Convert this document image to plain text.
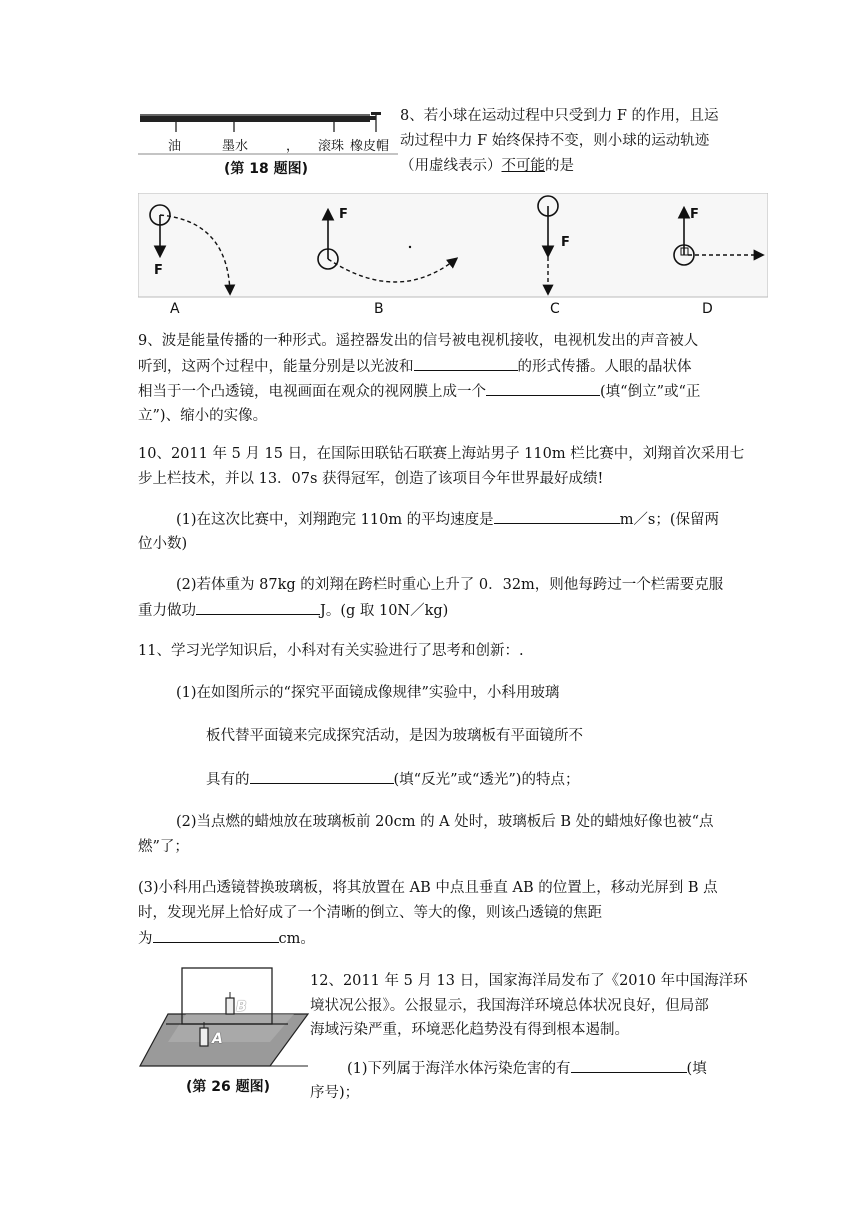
油	墨水	， 滚珠 橡皮帽
(第 18 题图)
8、若小球在运动过程中只受到力 F 的作用，且运
动过程中力 F 始终保持不变，则小球的运动轨迹
（用虚线表示）不可能的是
F
F
F
F
A	B	C	D
9、波是能量传播的一种形式。遥控器发出的信号被电视机接收，电视机发出的声音被人
听到，这两个过程中，能量分别是以光波和	的形式传播。人眼的晶状体
相当于一个凸透镜，电视画面在观众的视网膜上成一个	(填“倒立”或“正
立”)、缩小的实像。
10、2011 年 5 月 15 日，在国际田联钻石联赛上海站男子 110m 栏比赛中，刘翔首次采用七
步上栏技术，并以 13．07s 获得冠军，创造了该项目今年世界最好成绩!
(1)在这次比赛中，刘翔跑完 110m 的平均速度是	m／s；(保留两
位小数)
(2)若体重为 87kg 的刘翔在跨栏时重心上升了 0．32m，则他每跨过一个栏需要克服
重力做功	J。(g 取 10N／kg)
11、学习光学知识后，小科对有关实验进行了思考和创新：.
(1)在如图所示的“探究平面镜成像规律”实验中，小科用玻璃
板代替平面镜来完成探究活动，是因为玻璃板有平面镜所不
具有的	(填“反光”或“透光”)的特点；
(2)当点燃的蜡烛放在玻璃板前 20cm 的 A 处时，玻璃板后 B 处的蜡烛好像也被“点
燃”了；
(3)小科用凸透镜替换玻璃板，将其放置在 AB 中点且垂直 AB 的位置上，移动光屏到 B 点
时，发现光屏上恰好成了一个清晰的倒立、等大的像，则该凸透镜的焦距
为	cm。
B
A
(第 26 题图)
12、2011 年 5 月 13 日，国家海洋局发布了《2010 年中国海洋环
境状况公报》。公报显示，我国海洋环境总体状况良好，但局部
海域污染严重，环境恶化趋势没有得到根本遏制。
(1)下列属于海洋水体污染危害的有	(填
序号)；
